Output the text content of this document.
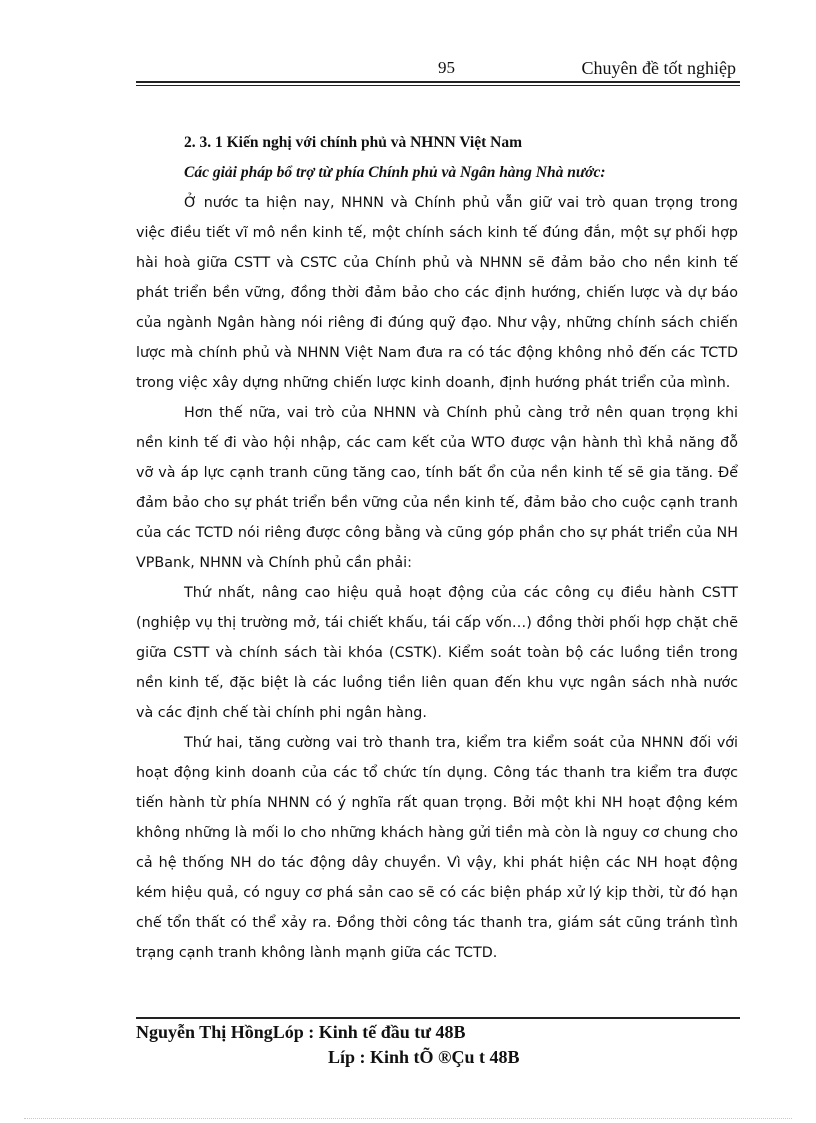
95	Chuyên đề tốt nghiệp

2. 3. 1 Kiến nghị với chính phủ và NHNN Việt Nam

Các giải pháp bổ trợ từ phía Chính phủ và Ngân hàng Nhà nước:

Ở nước ta hiện nay, NHNN và Chính phủ vẫn giữ vai trò quan trọng trong việc điều tiết vĩ mô nền kinh tế, một chính sách kinh tế đúng đắn, một sự phối hợp hài hoà giữa CSTT và CSTC của Chính phủ và NHNN sẽ đảm bảo cho nền kinh tế phát triển bền vững, đồng thời đảm bảo cho các định hướng, chiến lược và dự báo của ngành Ngân hàng nói riêng đi đúng quỹ đạo. Như vậy, những chính sách chiến lược mà chính phủ và NHNN Việt Nam đưa ra có tác động không nhỏ đến các TCTD trong việc xây dựng những chiến lược kinh doanh, định hướng phát triển của mình.

Hơn thế nữa, vai trò của NHNN và Chính phủ càng trở nên quan trọng khi nền kinh tế đi vào hội nhập, các cam kết của WTO được vận hành thì khả năng đỗ vỡ và áp lực cạnh tranh cũng tăng cao, tính bất ổn của nền kinh tế sẽ gia tăng. Để đảm bảo cho sự phát triển bền vững của nền kinh tế, đảm bảo cho cuộc cạnh tranh của các TCTD nói riêng được công bằng và cũng góp phần cho sự phát triển của NH VPBank, NHNN và Chính phủ cần phải:

Thứ nhất, nâng cao hiệu quả hoạt động của các công cụ điều hành CSTT (nghiệp vụ thị trường mở, tái chiết khấu, tái cấp vốn…) đồng thời phối hợp chặt chẽ giữa CSTT và chính sách tài khóa (CSTK). Kiểm soát toàn bộ các luồng tiền trong nền kinh tế, đặc biệt là các luồng tiền liên quan đến khu vực ngân sách nhà nước và các định chế tài chính phi ngân hàng.

Thứ hai, tăng cường vai trò thanh tra, kiểm tra kiểm soát của NHNN đối với hoạt động kinh doanh của các tổ chức tín dụng. Công tác thanh tra kiểm tra được tiến hành từ phía NHNN có ý nghĩa rất quan trọng. Bởi một khi NH hoạt động kém không những là mối lo cho những khách hàng gửi tiền mà còn là nguy cơ chung cho cả hệ thống NH do tác động dây chuyền. Vì vậy, khi phát hiện các NH hoạt động kém hiệu quả, có nguy cơ phá sản cao sẽ có các biện pháp xử lý kịp thời, từ đó hạn chế tổn thất có thể xảy ra. Đồng thời công tác thanh tra, giám sát cũng tránh tình trạng cạnh tranh không lành mạnh giữa các TCTD.

Nguyễn Thị HồngLóp : Kinh tế đầu tư 48B
Líp : Kinh tÕ ®Çu t 48B
